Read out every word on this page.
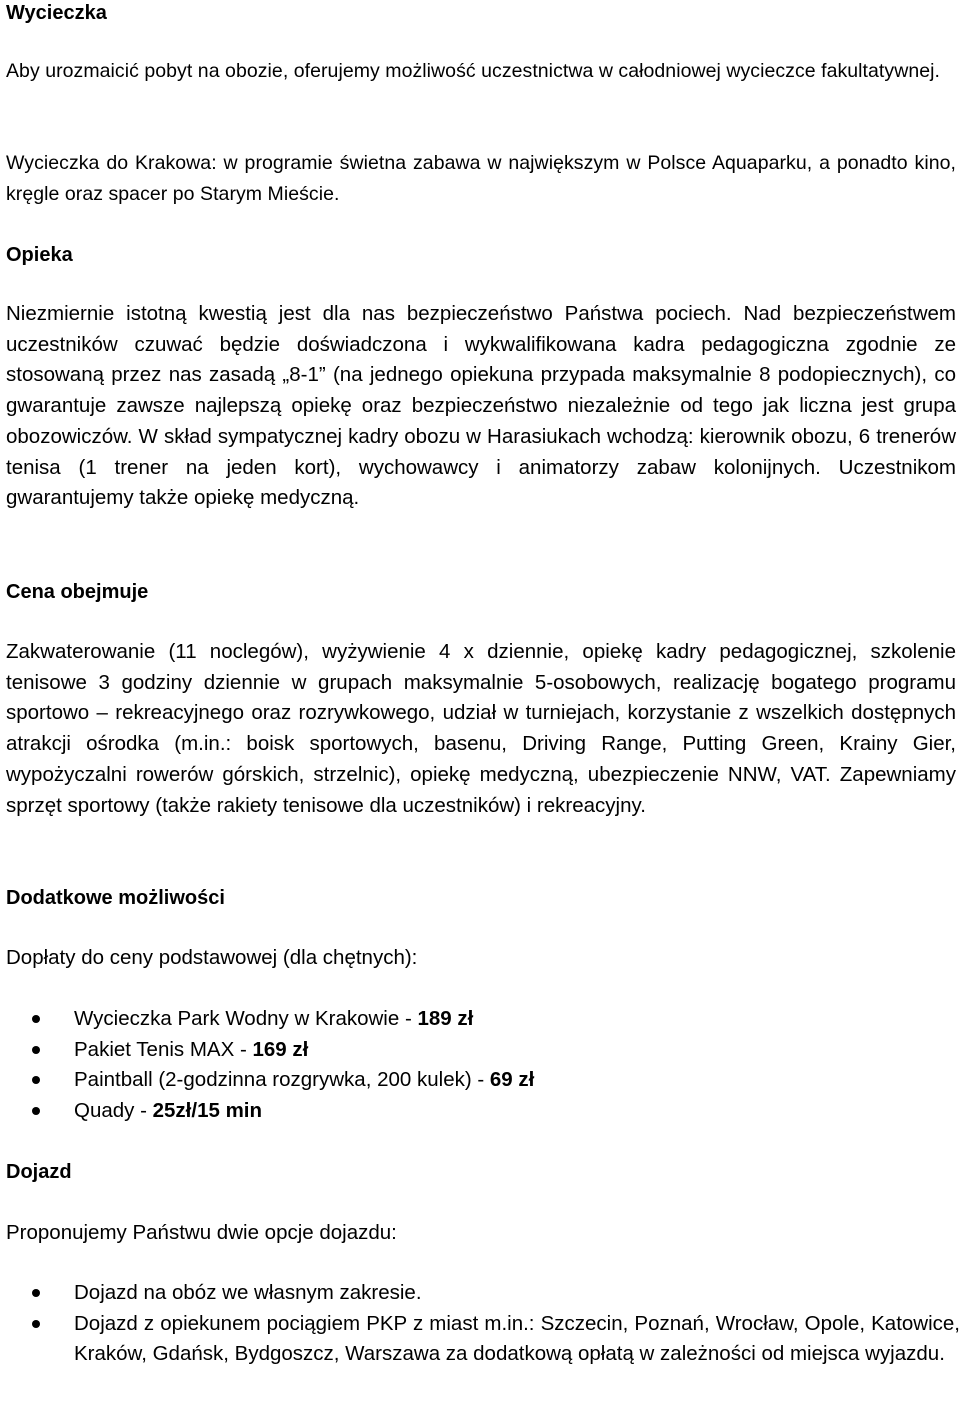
Wycieczka

Aby urozmaicić pobyt na obozie, oferujemy możliwość uczestnictwa w całodniowej wycieczce fakultatywnej.

Wycieczka do Krakowa: w programie świetna zabawa w największym w Polsce Aquaparku, a ponadto kino, kręgle oraz spacer po Starym Mieście.

Opieka

Niezmiernie istotną kwestią jest dla nas bezpieczeństwo Państwa pociech. Nad bezpieczeństwem uczestników czuwać będzie doświadczona i wykwalifikowana kadra pedagogiczna zgodnie ze stosowaną przez nas zasadą „8-1” (na jednego opiekuna przypada maksymalnie 8 podopiecznych), co gwarantuje zawsze najlepszą opiekę oraz bezpieczeństwo niezależnie od tego jak liczna jest grupa obozowiczów. W skład sympatycznej kadry obozu w Harasiukach wchodzą: kierownik obozu, 6 trenerów tenisa (1 trener na jeden kort), wychowawcy i animatorzy zabaw kolonijnych. Uczestnikom gwarantujemy także opiekę medyczną.

Cena obejmuje

Zakwaterowanie (11 noclegów), wyżywienie 4 x dziennie, opiekę kadry pedagogicznej, szkolenie tenisowe 3 godziny dziennie w grupach maksymalnie 5-osobowych, realizację bogatego programu sportowo – rekreacyjnego oraz rozrywkowego, udział w turniejach, korzystanie z wszelkich dostępnych atrakcji ośrodka (m.in.: boisk sportowych, basenu, Driving Range, Putting Green, Krainy Gier, wypożyczalni rowerów górskich, strzelnic), opiekę medyczną, ubezpieczenie NNW, VAT. Zapewniamy sprzęt sportowy (także rakiety tenisowe dla uczestników) i rekreacyjny.

Dodatkowe możliwości

Dopłaty do ceny podstawowej (dla chętnych):

Wycieczka Park Wodny w Krakowie - 189 zł
Pakiet Tenis MAX - 169 zł
Paintball (2-godzinna rozgrywka, 200 kulek) - 69 zł
Quady - 25zł/15 min
Dojazd

Proponujemy Państwu dwie opcje dojazdu:

Dojazd na obóz we własnym zakresie.
Dojazd z opiekunem pociągiem PKP z miast m.in.: Szczecin, Poznań, Wrocław, Opole, Katowice, Kraków, Gdańsk, Bydgoszcz, Warszawa za dodatkową opłatą w zależności od miejsca wyjazdu.
